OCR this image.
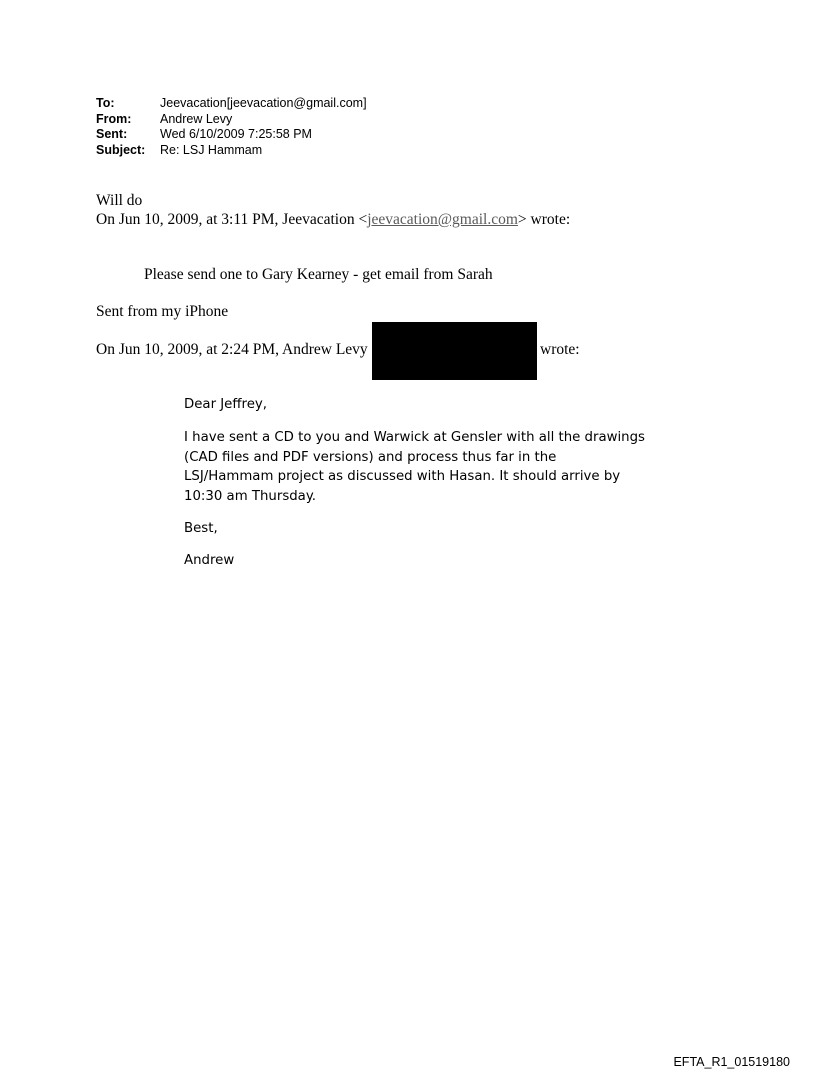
To:	Jeevacation[jeevacation@gmail.com]
From:	Andrew Levy
Sent:	Wed 6/10/2009 7:25:58 PM
Subject:	Re: LSJ Hammam
Will do
On Jun 10, 2009, at 3:11 PM, Jeevacation <jeevacation@gmail.com> wrote:
Please send one to Gary Kearney - get email from Sarah
Sent from my iPhone
On Jun 10, 2009, at 2:24 PM, Andrew Levy	wrote:
Dear Jeffrey,
I have sent a CD to you and Warwick at Gensler with all the drawings
(CAD files and PDF versions) and process thus far in the
LSJ/Hammam project as discussed with Hasan. It should arrive by
10:30 am Thursday.
Best,
Andrew
EFTA_R1_01519180
